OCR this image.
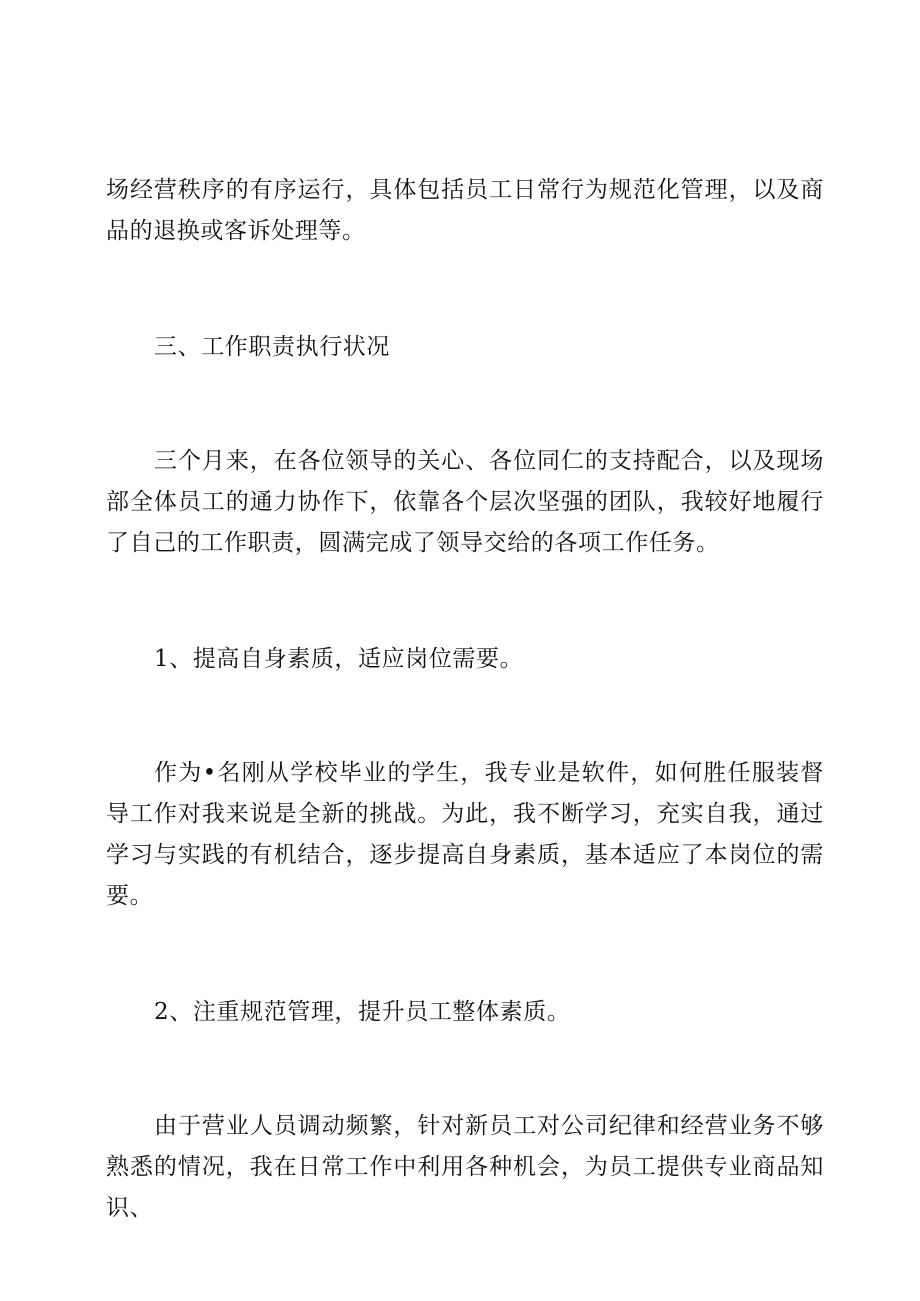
场经营秩序的有序运行，具体包括员工日常行为规范化管理，以及商品的退换或客诉处理等。

三、工作职责执行状况

三个月来，在各位领导的关心、各位同仁的支持配合，以及现场部全体员工的通力协作下，依靠各个层次坚强的团队，我较好地履行了自己的工作职责，圆满完成了领导交给的各项工作任务。

1、提高自身素质，适应岗位需要。

作为•名刚从学校毕业的学生，我专业是软件，如何胜任服装督导工作对我来说是全新的挑战。为此，我不断学习，充实自我，通过学习与实践的有机结合，逐步提高自身素质，基本适应了本岗位的需要。

2、注重规范管理，提升员工整体素质。

由于营业人员调动频繁，针对新员工对公司纪律和经营业务不够熟悉的情况，我在日常工作中利用各种机会，为员工提供专业商品知识、
